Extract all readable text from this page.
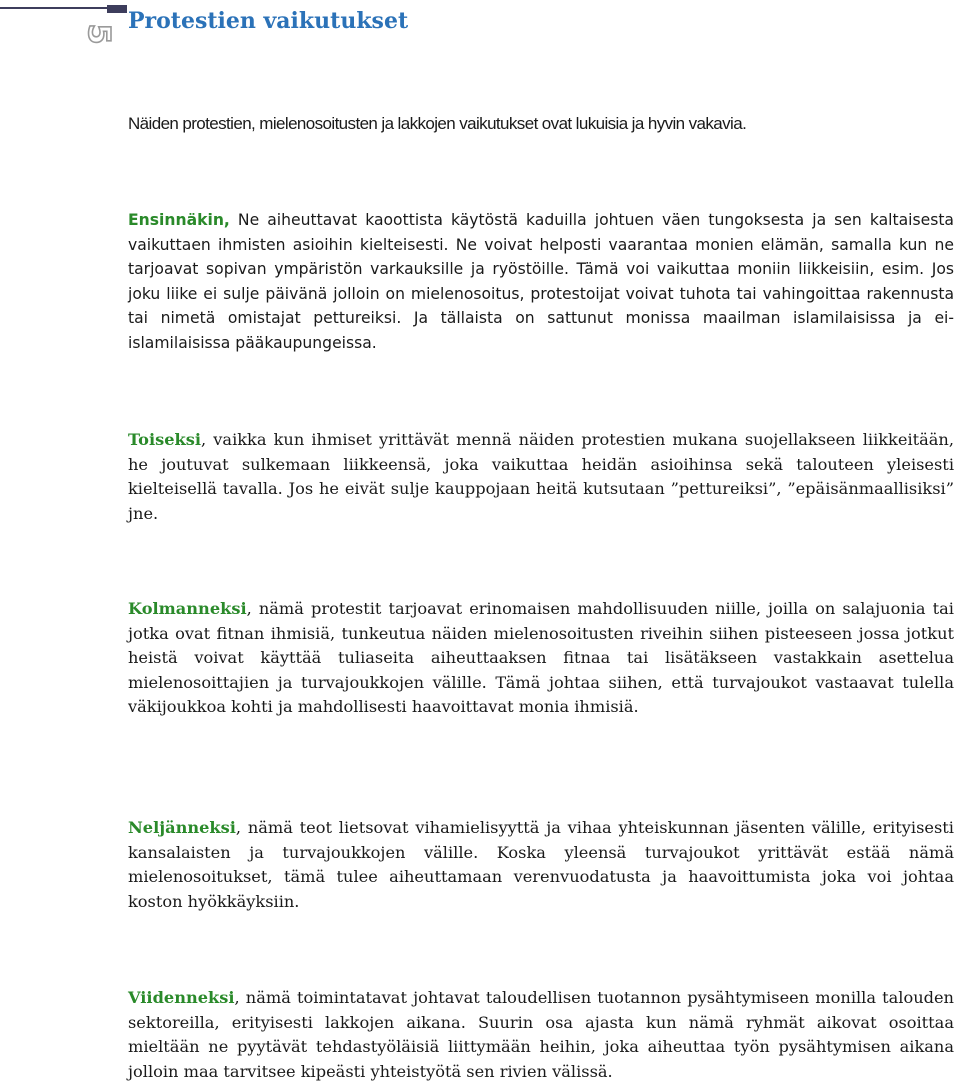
5 Protestien vaikutukset

Näiden protestien, mielenosoitusten ja lakkojen vaikutukset ovat lukuisia ja hyvin vakavia.

Ensinnäkin, Ne aiheuttavat kaoottista käytöstä kaduilla johtuen väen tungoksesta ja sen kaltaisesta vaikuttaen ihmisten asioihin kielteisesti. Ne voivat helposti vaarantaa monien elämän, samalla kun ne tarjoavat sopivan ympäristön varkauksille ja ryöstöille. Tämä voi vaikuttaa moniin liikkeisiin, esim. Jos joku liike ei sulje päivänä jolloin on mielenosoitus, protestoijat voivat tuhota tai vahingoittaa rakennusta tai nimetä omistajat pettureiksi. Ja tällaista on sattunut monissa maailman islamilaisissa ja ei-islamilaisissa pääkaupungeissa.

Toiseksi, vaikka kun ihmiset yrittävät mennä näiden protestien mukana suojellakseen liikkeitään, he joutuvat sulkemaan liikkeensä, joka vaikuttaa heidän asioihinsa sekä talouteen yleisesti kielteisellä tavalla. Jos he eivät sulje kauppojaan heitä kutsutaan ”pettureiksi”, ”epäisänmaallisiksi” jne.

Kolmanneksi, nämä protestit tarjoavat erinomaisen mahdollisuuden niille, joilla on salajuonia tai jotka ovat fitnan ihmisiä, tunkeutua näiden mielenosoitusten riveihin siihen pisteeseen jossa jotkut heistä voivat käyttää tuliaseita aiheuttaaksen fitnaa tai lisätäkseen vastakkain asettelua mielenosoittajien ja turvajoukkojen välille. Tämä johtaa siihen, että turvajoukot vastaavat tulella väkijoukkoa kohti ja mahdollisesti haavoittavat monia ihmisiä.

Neljänneksi, nämä teot lietsovat vihamielisyyttä ja vihaa yhteiskunnan jäsenten välille, erityisesti kansalaisten ja turvajoukkojen välille. Koska yleensä turvajoukot yrittävät estää nämä mielenosoitukset, tämä tulee aiheuttamaan verenvuodatusta ja haavoittumista joka voi johtaa koston hyökkäyksiin.

Viidenneksi, nämä toimintatavat johtavat taloudellisen tuotannon pysähtymiseen monilla talouden sektoreilla, erityisesti lakkojen aikana. Suurin osa ajasta kun nämä ryhmät aikovat osoittaa mieltään ne pyytävät tehdastyöläisiä liittymään heihin, joka aiheuttaa työn pysähtymisen aikana jolloin maa tarvitsee kipeästi yhteistyötä sen rivien välissä.
